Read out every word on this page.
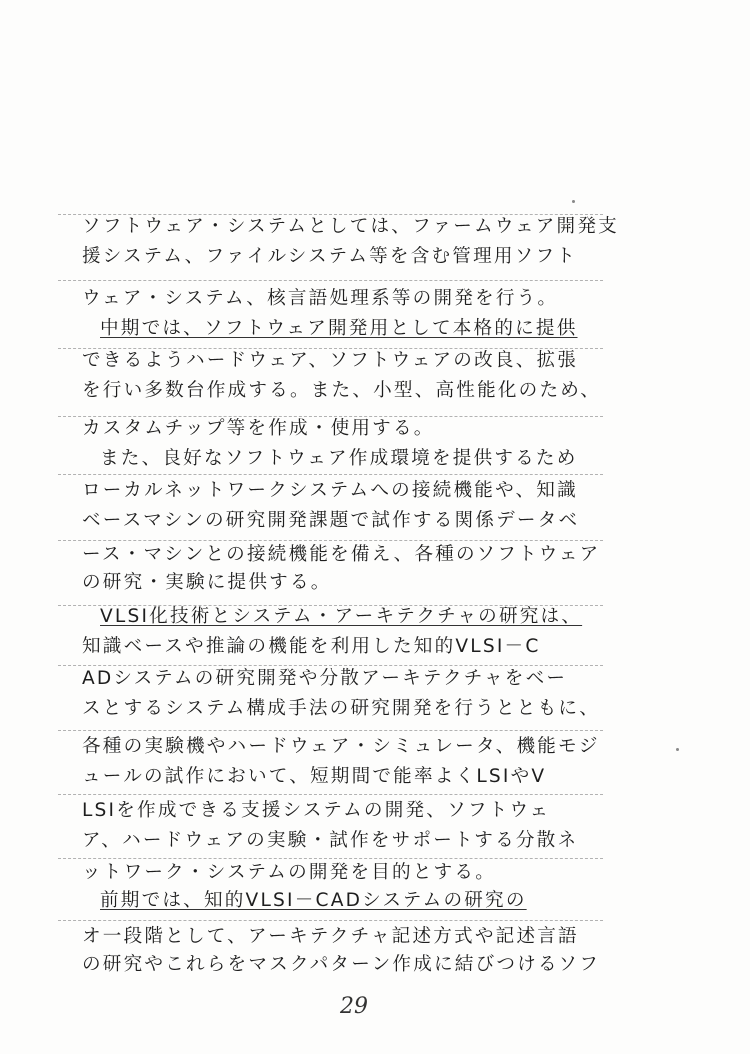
ソフトウェア・システムとしては、ファームウェア開発支
援システム、ファイルシステム等を含む管理用ソフト
ウェア・システム、核言語処理系等の開発を行う。
中期では、ソフトウェア開発用として本格的に提供
できるようハードウェア、ソフトウェアの改良、拡張
を行い多数台作成する。また、小型、高性能化のため、
カスタムチップ等を作成・使用する。
また、良好なソフトウェア作成環境を提供するため
ローカルネットワークシステムへの接続機能や、知識
ベースマシンの研究開発課題で試作する関係データベ
ース・マシンとの接続機能を備え、各種のソフトウェア
の研究・実験に提供する。
VLSI化技術とシステム・アーキテクチャの研究は、
知識ベースや推論の機能を利用した知的VLSI－C
ADシステムの研究開発や分散アーキテクチャをベー
スとするシステム構成手法の研究開発を行うとともに、
各種の実験機やハードウェア・シミュレータ、機能モジ
ュールの試作において、短期間で能率よくLSIやV
LSIを作成できる支援システムの開発、ソフトウェ
ア、ハードウェアの実験・試作をサポートする分散ネ
ットワーク・システムの開発を目的とする。
前期では、知的VLSI－CADシステムの研究の
オ一段階として、アーキテクチャ記述方式や記述言語
の研究やこれらをマスクパターン作成に結びつけるソフ
29
